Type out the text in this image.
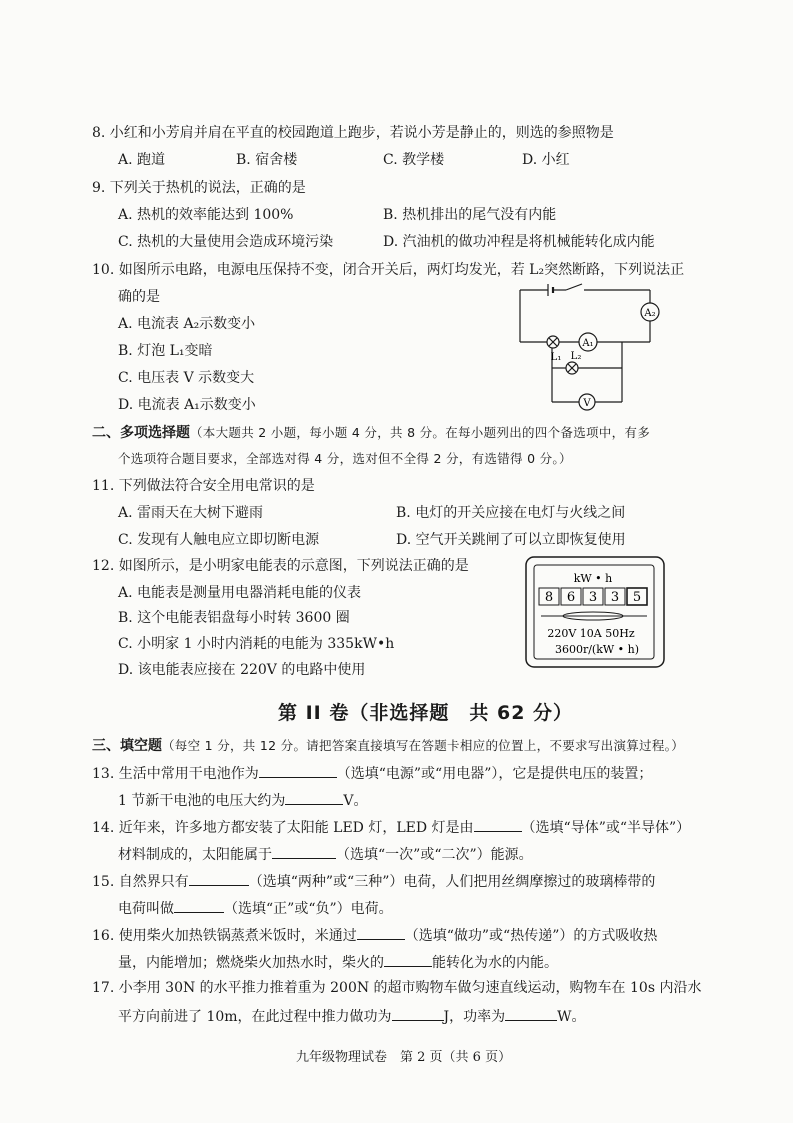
8. 小红和小芳肩并肩在平直的校园跑道上跑步，若说小芳是静止的，则选的参照物是
A. 跑道	B. 宿舍楼	C. 教学楼	D. 小红
9. 下列关于热机的说法，正确的是
A. 热机的效率能达到 100%	B. 热机排出的尾气没有内能
C. 热机的大量使用会造成环境污染	D. 汽油机的做功冲程是将机械能转化成内能
10. 如图所示电路，电源电压保持不变，闭合开关后，两灯均发光，若 L₂突然断路，下列说法正
确的是
A. 电流表 A₂示数变小
B. 灯泡 L₁变暗
C. 电压表 V 示数变大
D. 电流表 A₁示数变小
A₁
A₂
V
L₁ L₂
二、多项选择题（本大题共 2 小题，每小题 4 分，共 8 分。在每小题列出的四个备选项中，有多
个选项符合题目要求，全部选对得 4 分，选对但不全得 2 分，有选错得 0 分。）
11. 下列做法符合安全用电常识的是
A. 雷雨天在大树下避雨	B. 电灯的开关应接在电灯与火线之间
C. 发现有人触电应立即切断电源	D. 空气开关跳闸了可以立即恢复使用
12. 如图所示，是小明家电能表的示意图，下列说法正确的是
A. 电能表是测量用电器消耗电能的仪表
B. 这个电能表铝盘每小时转 3600 圈
C. 小明家 1 小时内消耗的电能为 335kW•h
D. 该电能表应接在 220V 的电路中使用
kW • h
8 6 3 3 5
220V 10A 50Hz
3600r/(kW • h)
第 II 卷（非选择题　共 62 分）
三、填空题（每空 1 分，共 12 分。请把答案直接填写在答题卡相应的位置上，不要求写出演算过程。）
13. 生活中常用干电池作为	（选填“电源”或“用电器”），它是提供电压的装置；
1 节新干电池的电压大约为	V。
14. 近年来，许多地方都安装了太阳能 LED 灯，LED 灯是由	（选填“导体”或“半导体”）
材料制成的，太阳能属于	（选填“一次”或“二次”）能源。
15. 自然界只有	（选填“两种”或“三种”）电荷，人们把用丝绸摩擦过的玻璃棒带的
电荷叫做	（选填“正”或“负”）电荷。
16. 使用柴火加热铁锅蒸煮米饭时，米通过	（选填“做功”或“热传递”）的方式吸收热
量，内能增加；燃烧柴火加热水时，柴火的	能转化为水的内能。
17. 小李用 30N 的水平推力推着重为 200N 的超市购物车做匀速直线运动，购物车在 10s 内沿水
平方向前进了 10m，在此过程中推力做功为	J，功率为	W。
九年级物理试卷　第 2 页（共 6 页）
